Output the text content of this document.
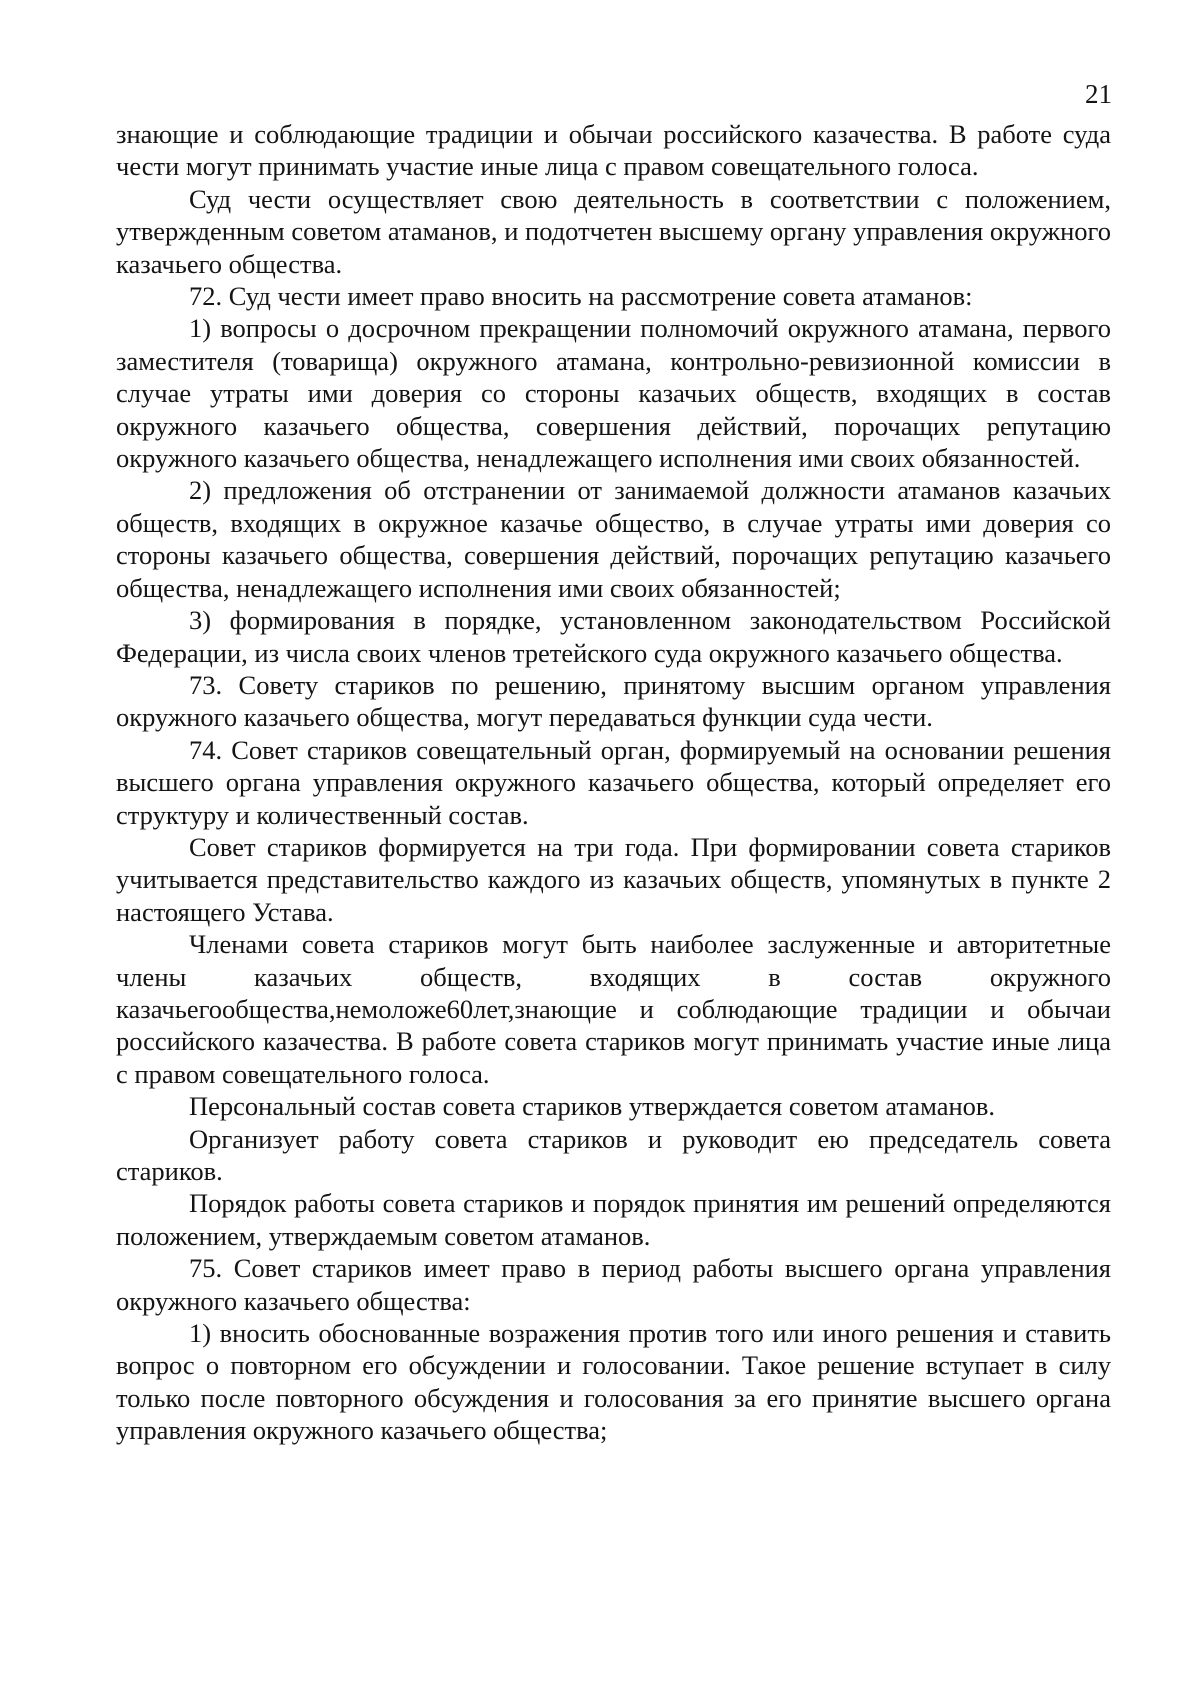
21

знающие и соблюдающие традиции и обычаи российского казачества. В работе суда чести могут принимать участие иные лица с правом совещательного голоса.

Суд чести осуществляет свою деятельность в соответствии с положением, утвержденным советом атаманов, и подотчетен высшему органу управления окружного казачьего общества.

72. Суд чести имеет право вносить на рассмотрение совета атаманов:

1) вопросы о досрочном прекращении полномочий окружного атамана, первого заместителя (товарища) окружного атамана, контрольно-ревизионной комиссии в случае утраты ими доверия со стороны казачьих обществ, входящих в состав окружного казачьего общества, совершения действий, порочащих репутацию окружного казачьего общества, ненадлежащего исполнения ими своих обязанностей.

2) предложения об отстранении от занимаемой должности атаманов казачьих обществ, входящих в окружное казачье общество, в случае утраты ими доверия со стороны казачьего общества, совершения действий, порочащих репутацию казачьего общества, ненадлежащего исполнения ими своих обязанностей;

3) формирования в порядке, установленном законодательством Российской Федерации, из числа своих членов третейского суда окружного казачьего общества.

73. Совету стариков по решению, принятому высшим органом управления окружного казачьего общества, могут передаваться функции суда чести.

74. Совет стариков совещательный орган, формируемый на основании решения высшего органа управления окружного казачьего общества, который определяет его структуру и количественный состав.

Совет стариков формируется на три года. При формировании совета стариков учитывается представительство каждого из казачьих обществ, упомянутых в пункте 2 настоящего Устава.

Членами совета стариков могут быть наиболее заслуженные и авторитетные члены казачьих обществ, входящих в состав окружного казачьегообщества,немоложе60лет,знающие и соблюдающие традиции и обычаи российского казачества. В работе совета стариков могут принимать участие иные лица с правом совещательного голоса.

Персональный состав совета стариков утверждается советом атаманов.

Организует работу совета стариков и руководит ею председатель совета стариков.

Порядок работы совета стариков и порядок принятия им решений определяются положением, утверждаемым советом атаманов.

75. Совет стариков имеет право в период работы высшего органа управления окружного казачьего общества:

1) вносить обоснованные возражения против того или иного решения и ставить вопрос о повторном его обсуждении и голосовании. Такое решение вступает в силу только после повторного обсуждения и голосования за его принятие высшего органа управления окружного казачьего общества;
